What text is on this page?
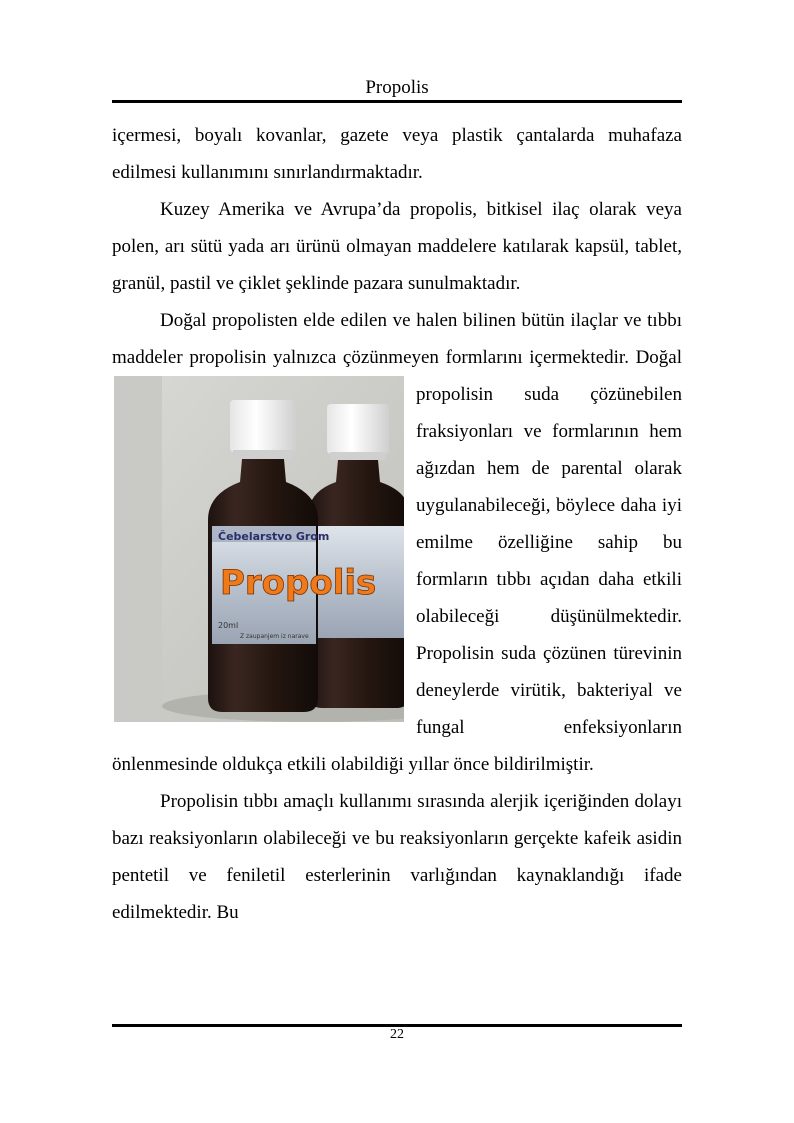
Propolis

içermesi, boyalı kovanlar, gazete veya plastik çantalarda muhafaza edilmesi kullanımını sınırlandırmaktadır.

Kuzey Amerika ve Avrupa’da propolis, bitkisel ilaç olarak veya polen, arı sütü yada arı ürünü olmayan maddelere katılarak kapsül, tablet, granül, pastil ve çiklet şeklinde pazara sunulmaktadır.

Doğal propolisten elde edilen ve halen bilinen bütün ilaçlar ve tıbbı maddeler propolisin yalnızca çözünmeyen formlarını
Čebelarstvo Grom
Propolis
20ml
Z zaupanjem iz narave
içermektedir. Doğal propolisin suda çözünebilen fraksiyonları ve formlarının hem ağızdan hem de parental olarak uygulanabileceği, böylece daha iyi emilme özelliğine sahip bu formların tıbbı açıdan daha etkili olabileceği düşünülmektedir. Propolisin suda çözünen türevinin deneylerde virütik, bakteriyal ve fungal enfeksiyonların önlenmesinde oldukça etkili olabildiği yıllar önce bildirilmiştir.

Propolisin tıbbı amaçlı kullanımı sırasında alerjik içeriğinden dolayı bazı reaksiyonların olabileceği ve bu reaksiyonların gerçekte kafeik asidin pentetil ve feniletil esterlerinin varlığından kaynaklandığı ifade edilmektedir. Bu

22
